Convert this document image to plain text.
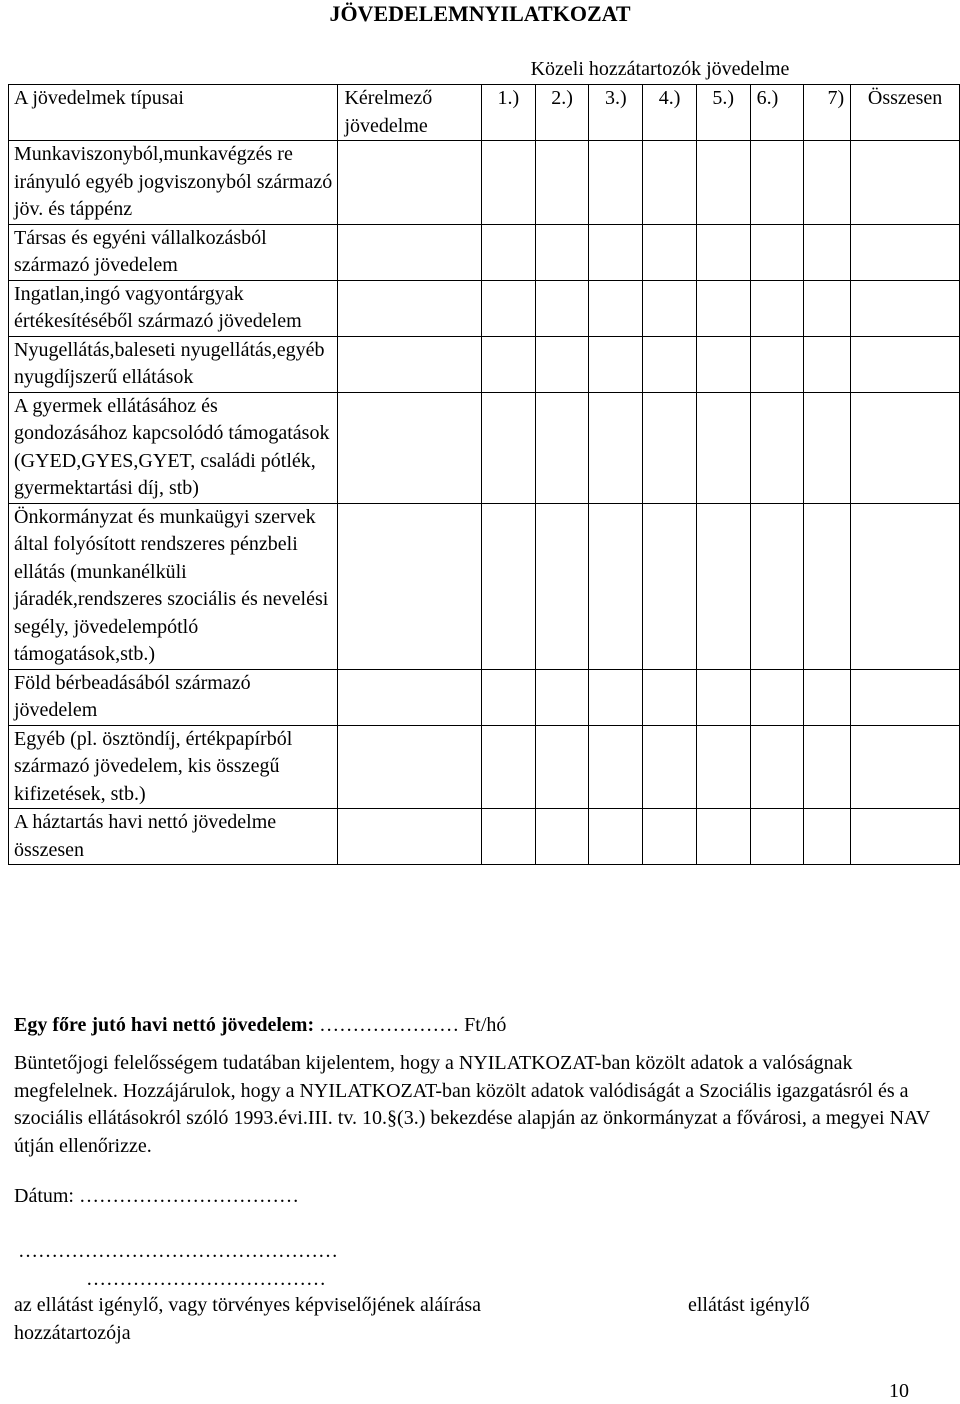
JÖVEDELEMNYILATKOZAT
Közeli hozzátartozók jövedelme
A jövedelmek típusai	Kérelmező jövedelme	1.)	2.)	3.)	4.)	5.)	6.)	7)	Összesen
Munkaviszonyból,munkavégzés re irányuló egyéb jogviszonyból származó jöv. és táppénz									
Társas és egyéni vállalkozásból származó jövedelem									
Ingatlan,ingó vagyontárgyak értékesítéséből származó jövedelem									
Nyugellátás,baleseti nyugellátás,egyéb nyugdíjszerű ellátások									
A gyermek ellátásához és gondozásához kapcsolódó támogatások (GYED,GYES,GYET, családi pótlék, gyermektartási díj, stb)									
Önkormányzat és munkaügyi szervek által folyósított rendszeres pénzbeli ellátás (munkanélküli járadék,rendszeres szociális és nevelési segély, jövedelempótló támogatások,stb.)									
Föld bérbeadásából származó jövedelem									
Egyéb (pl. ösztöndíj, értékpapírból származó jövedelem, kis összegű kifizetések, stb.)									
A háztartás havi nettó jövedelme összesen									
Egy főre jutó havi nettó jövedelem: ………………… Ft/hó
Büntetőjogi felelősségem tudatában kijelentem, hogy a NYILATKOZAT-ban közölt adatok a valóságnak megfelelnek. Hozzájárulok, hogy a NYILATKOZAT-ban közölt adatok valódiságát a Szociális igazgatásról és a szociális ellátásokról szóló 1993.évi.III. tv. 10.§(3.) bekezdése alapján az önkormányzat a fővárosi, a megyei NAV útján ellenőrizze.
Dátum: ……………………………
…………………………………………
………………………………
az ellátást igénylő, vagy törvényes képviselőjének aláírása	ellátást igénylő
hozzátartozója
10
